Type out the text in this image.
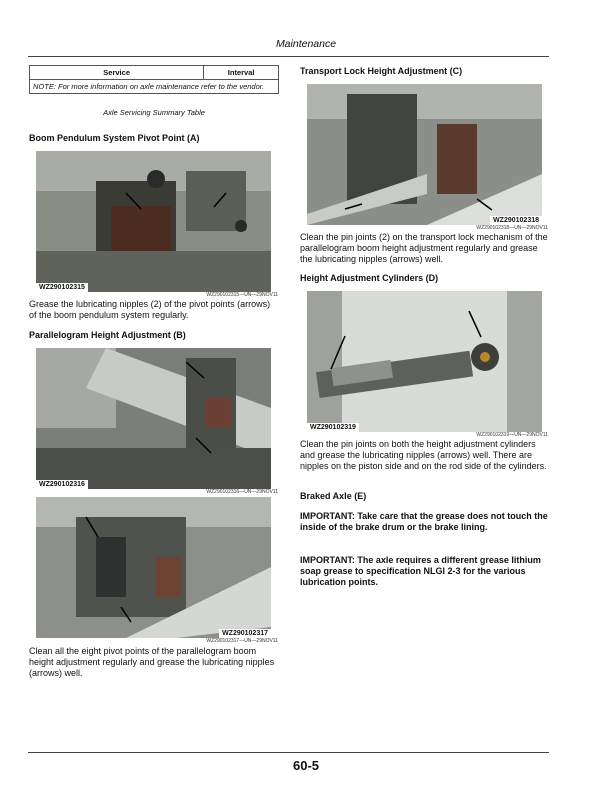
Maintenance
Service	Interval
NOTE: For more information on axle maintenance refer to the vendor.
Axle Servicing Summary Table
Boom Pendulum System Pivot Point (A)
WZ290102315
WZ290102315—UN—29NOV11
Grease the lubricating nipples (2) of the pivot points (arrows) of the boom pendulum system regularly.
Parallelogram Height Adjustment (B)
WZ290102316
WZ290102316—UN—29NOV11
WZ290102317
WZ290102317—UN—29NOV11
Clean all the eight pivot points of the parallelogram boom height adjustment regularly and grease the lubricating nipples (arrows) well.
Transport Lock Height Adjustment (C)
WZ290102318
WZ290102318—UN—29NOV11
Clean the pin joints (2) on the transport lock mechanism of the parallelogram boom height adjustment regularly and grease the lubricating nipples (arrows) well.
Height Adjustment Cylinders (D)
WZ290102319
WZ290102319—UN—29NOV11
Clean the pin joints on both the height adjustment cylinders and grease the lubricating nipples (arrows) well. There are nipples on the piston side and on the rod side of the cylinders.
Braked Axle (E)
IMPORTANT: Take care that the grease does not touch the inside of the brake drum or the brake lining.
IMPORTANT: The axle requires a different grease lithium soap grease to specification NLGI 2-3 for the various lubrication points.
60-5
